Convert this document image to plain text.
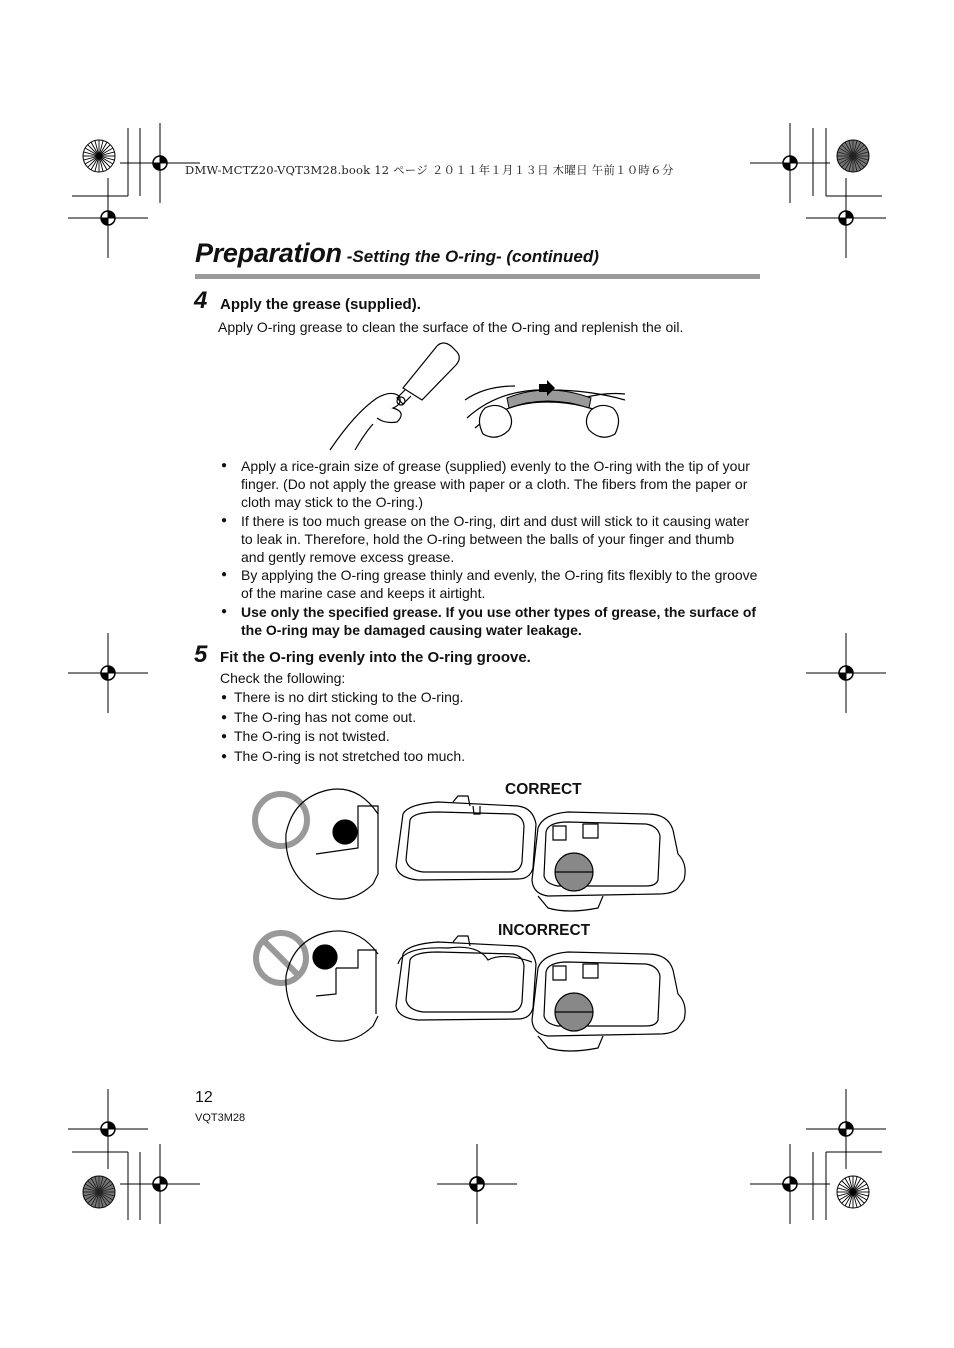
DMW-MCTZ20-VQT3M28.book 12 ページ ２０１１年１月１３日 木曜日 午前１０時６分
Preparation -Setting the O-ring- (continued)
4 Apply the grease (supplied).
Apply O-ring grease to clean the surface of the O-ring and replenish the oil.
● Apply a rice-grain size of grease (supplied) evenly to the O-ring with the tip of your finger. (Do not apply the grease with paper or a cloth. The fibers from the paper or cloth may stick to the O-ring.)
● If there is too much grease on the O-ring, dirt and dust will stick to it causing water to leak in. Therefore, hold the O-ring between the balls of your finger and thumb and gently remove excess grease.
● By applying the O-ring grease thinly and evenly, the O-ring fits flexibly to the groove of the marine case and keeps it airtight.
● Use only the specified grease. If you use other types of grease, the surface of the O-ring may be damaged causing water leakage.
5 Fit the O-ring evenly into the O-ring groove.
Check the following:
● There is no dirt sticking to the O-ring.
● The O-ring has not come out.
● The O-ring is not twisted.
● The O-ring is not stretched too much.
CORRECT
INCORRECT
12
VQT3M28
